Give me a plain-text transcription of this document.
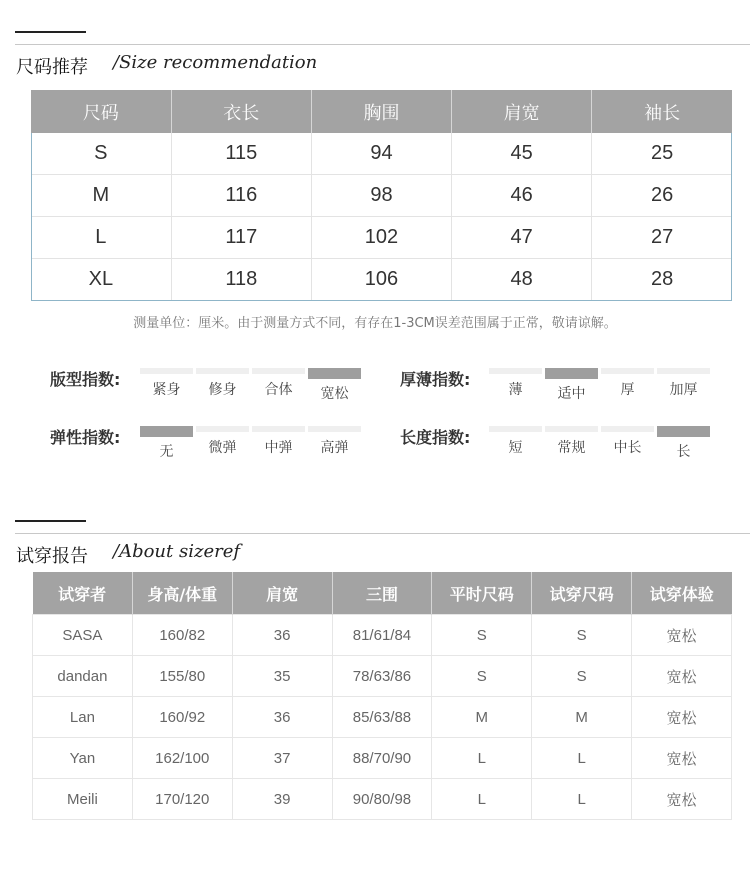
尺码推荐 /Size recommendation
尺码	衣长	胸围	肩宽	袖长
S	115	94	45	25
M	116	98	46	26
L	117	102	47	27
XL	118	106	48	28
测量单位：厘米。由于测量方式不同，有存在1-3CM误差范围属于正常，敬请谅解。
版型指数:
紧身	修身	合体	宽松
厚薄指数:
薄	适中	厚	加厚
弹性指数:
无	微弹	中弹	高弹
长度指数:
短	常规	中长	长
试穿报告 /About sizeref
试穿者	身高/体重	肩宽	三围	平时尺码	试穿尺码	试穿体验
SASA	160/82	36	81/61/84	S	S	宽松
dandan	155/80	35	78/63/86	S	S	宽松
Lan	160/92	36	85/63/88	M	M	宽松
Yan	162/100	37	88/70/90	L	L	宽松
Meili	170/120	39	90/80/98	L	L	宽松
